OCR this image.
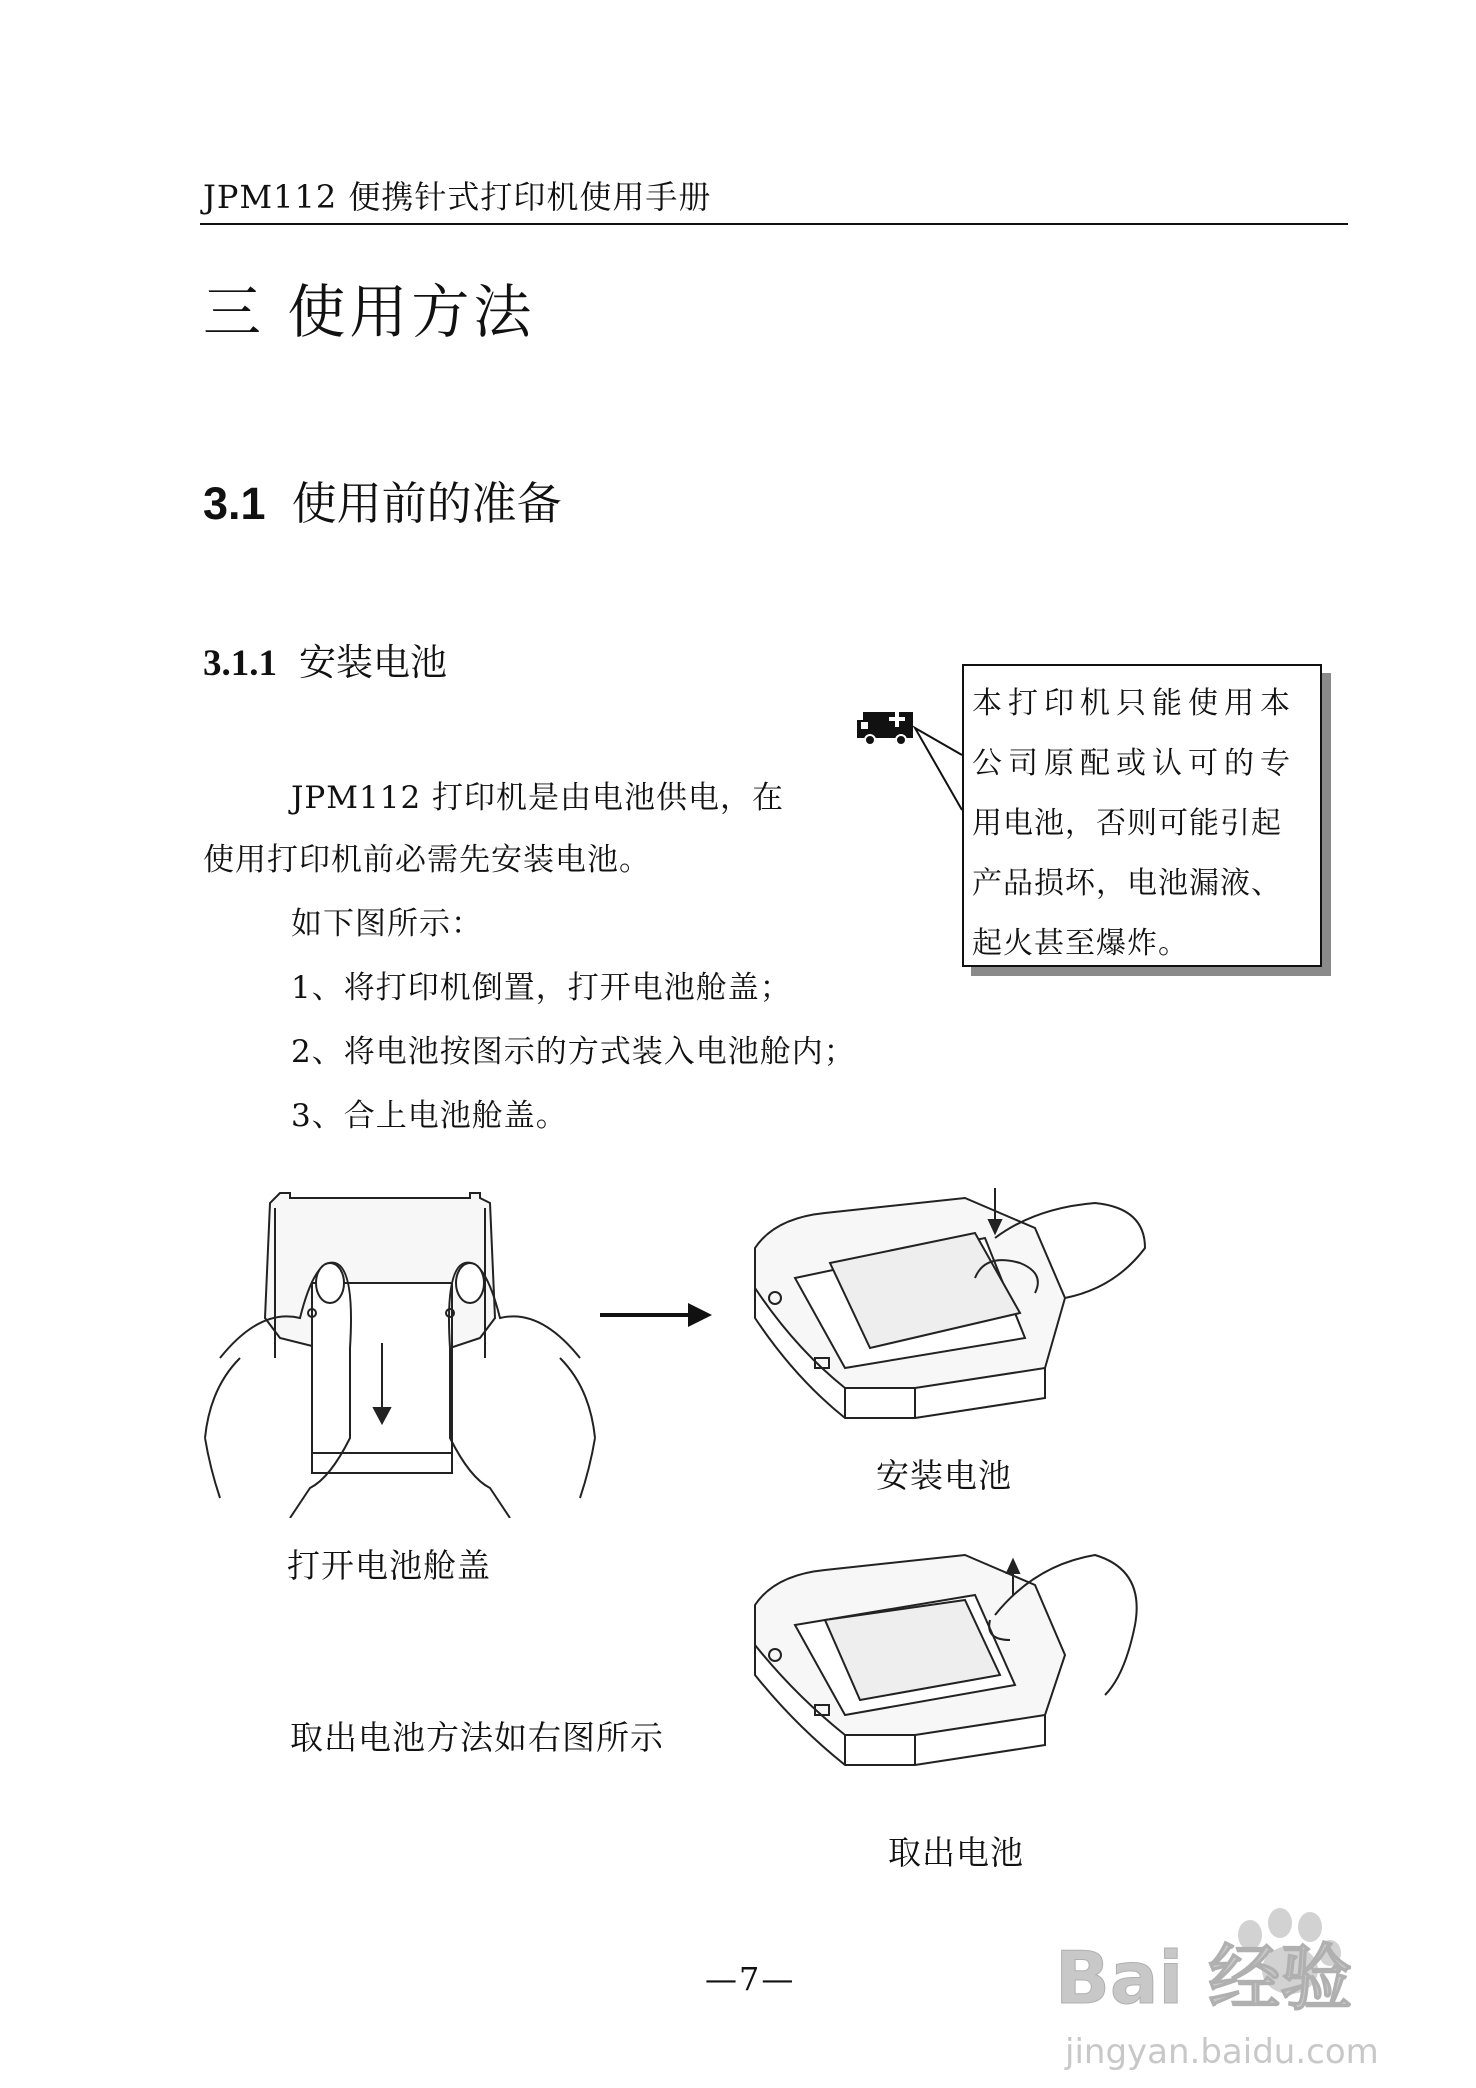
JPM112 便携针式打印机使用手册
三 使用方法
3.1 使用前的准备
3.1.1 安装电池
JPM112 打印机是由电池供电，在
使用打印机前必需先安装电池。
如下图所示：
1、将打印机倒置，打开电池舱盖；
2、将电池按图示的方式装入电池舱内；
3、合上电池舱盖。
本打印机只能使用本
公司原配或认可的专
用电池，否则可能引起
产品损坏，电池漏液、
起火甚至爆炸。
安装电池
打开电池舱盖
取出电池方法如右图所示
取出电池
—7—	Bai 经验
jingyan.baidu.com
